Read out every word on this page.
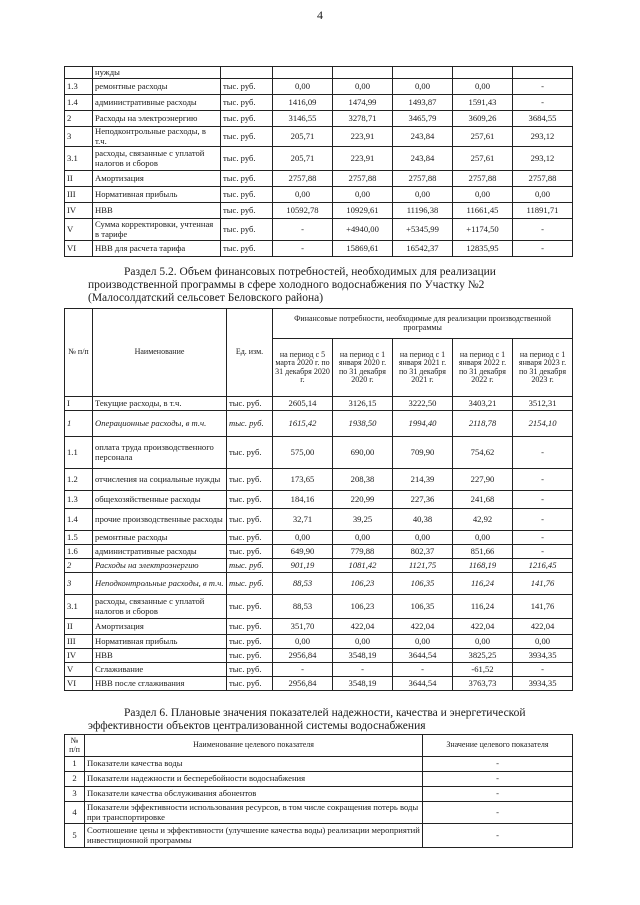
4
	нужды						
1.3	ремонтные расходы	тыс. руб.	0,00	0,00	0,00	0,00	-
1.4	административные расходы	тыс. руб.	1416,09	1474,99	1493,87	1591,43	-
2	Расходы на электроэнергию	тыс. руб.	3146,55	3278,71	3465,79	3609,26	3684,55
3	Неподконтрольные расходы, в т.ч.	тыс. руб.	205,71	223,91	243,84	257,61	293,12
3.1	расходы, связанные с уплатой налогов и сборов	тыс. руб.	205,71	223,91	243,84	257,61	293,12
II	Амортизация	тыс. руб.	2757,88	2757,88	2757,88	2757,88	2757,88
III	Нормативная прибыль	тыс. руб.	0,00	0,00	0,00	0,00	0,00
IV	НВВ	тыс. руб.	10592,78	10929,61	11196,38	11661,45	11891,71
V	Сумма корректировки, учтенная в тарифе	тыс. руб.	-	+4940,00	+5345,99	+1174,50	-
VI	НВВ для расчета тарифа	тыс. руб.	-	15869,61	16542,37	12835,95	-
Раздел 5.2. Объем финансовых потребностей, необходимых для реализации
производственной программы в сфере холодного водоснабжения по Участку №2
(Малосолдатский сельсовет Беловского района)
№ п/п	Наименование	Ед. изм.	Финансовые потребности, необходимые для реализации производственной программы				
			на период с 5 марта 2020 г. по 31 декабря 2020 г.	на период с 1 января 2020 г. по 31 декабря 2020 г.	на период с 1 января 2021 г. по 31 декабря 2021 г.	на период с 1 января 2022 г. по 31 декабря 2022 г.	на период с 1 января 2023 г. по 31 декабря 2023 г.
I	Текущие расходы, в т.ч.	тыс. руб.	2605,14	3126,15	3222,50	3403,21	3512,31
1	Операционные расходы, в т.ч.	тыс. руб.	1615,42	1938,50	1994,40	2118,78	2154,10
1.1	оплата труда производственного персонала	тыс. руб.	575,00	690,00	709,90	754,62	-
1.2	отчисления на социальные нужды	тыс. руб.	173,65	208,38	214,39	227,90	-
1.3	общехозяйственные расходы	тыс. руб.	184,16	220,99	227,36	241,68	-
1.4	прочие производственные расходы	тыс. руб.	32,71	39,25	40,38	42,92	-
1.5	ремонтные расходы	тыс. руб.	0,00	0,00	0,00	0,00	-
1.6	административные расходы	тыс. руб.	649,90	779,88	802,37	851,66	-
2	Расходы на электроэнергию	тыс. руб.	901,19	1081,42	1121,75	1168,19	1216,45
3	Неподконтрольные расходы, в т.ч.	тыс. руб.	88,53	106,23	106,35	116,24	141,76
3.1	расходы, связанные с уплатой налогов и сборов	тыс. руб.	88,53	106,23	106,35	116,24	141,76
II	Амортизация	тыс. руб.	351,70	422,04	422,04	422,04	422,04
III	Нормативная прибыль	тыс. руб.	0,00	0,00	0,00	0,00	0,00
IV	НВВ	тыс. руб.	2956,84	3548,19	3644,54	3825,25	3934,35
V	Сглаживание	тыс. руб.	-	-	-	-61,52	-
VI	НВВ после сглаживания	тыс. руб.	2956,84	3548,19	3644,54	3763,73	3934,35
Раздел 6. Плановые значения показателей надежности, качества и энергетической
эффективности объектов централизованной системы водоснабжения
№ п/п	Наименование целевого показателя	Значение целевого показателя
1	Показатели качества воды	-
2	Показатели надежности и бесперебойности водоснабжения	-
3	Показатели качества обслуживания абонентов	-
4	Показатели эффективности использования ресурсов, в том числе сокращения потерь воды при транспортировке	-
5	Соотношение цены и эффективности (улучшение качества воды) реализации мероприятий инвестиционной программы	-
